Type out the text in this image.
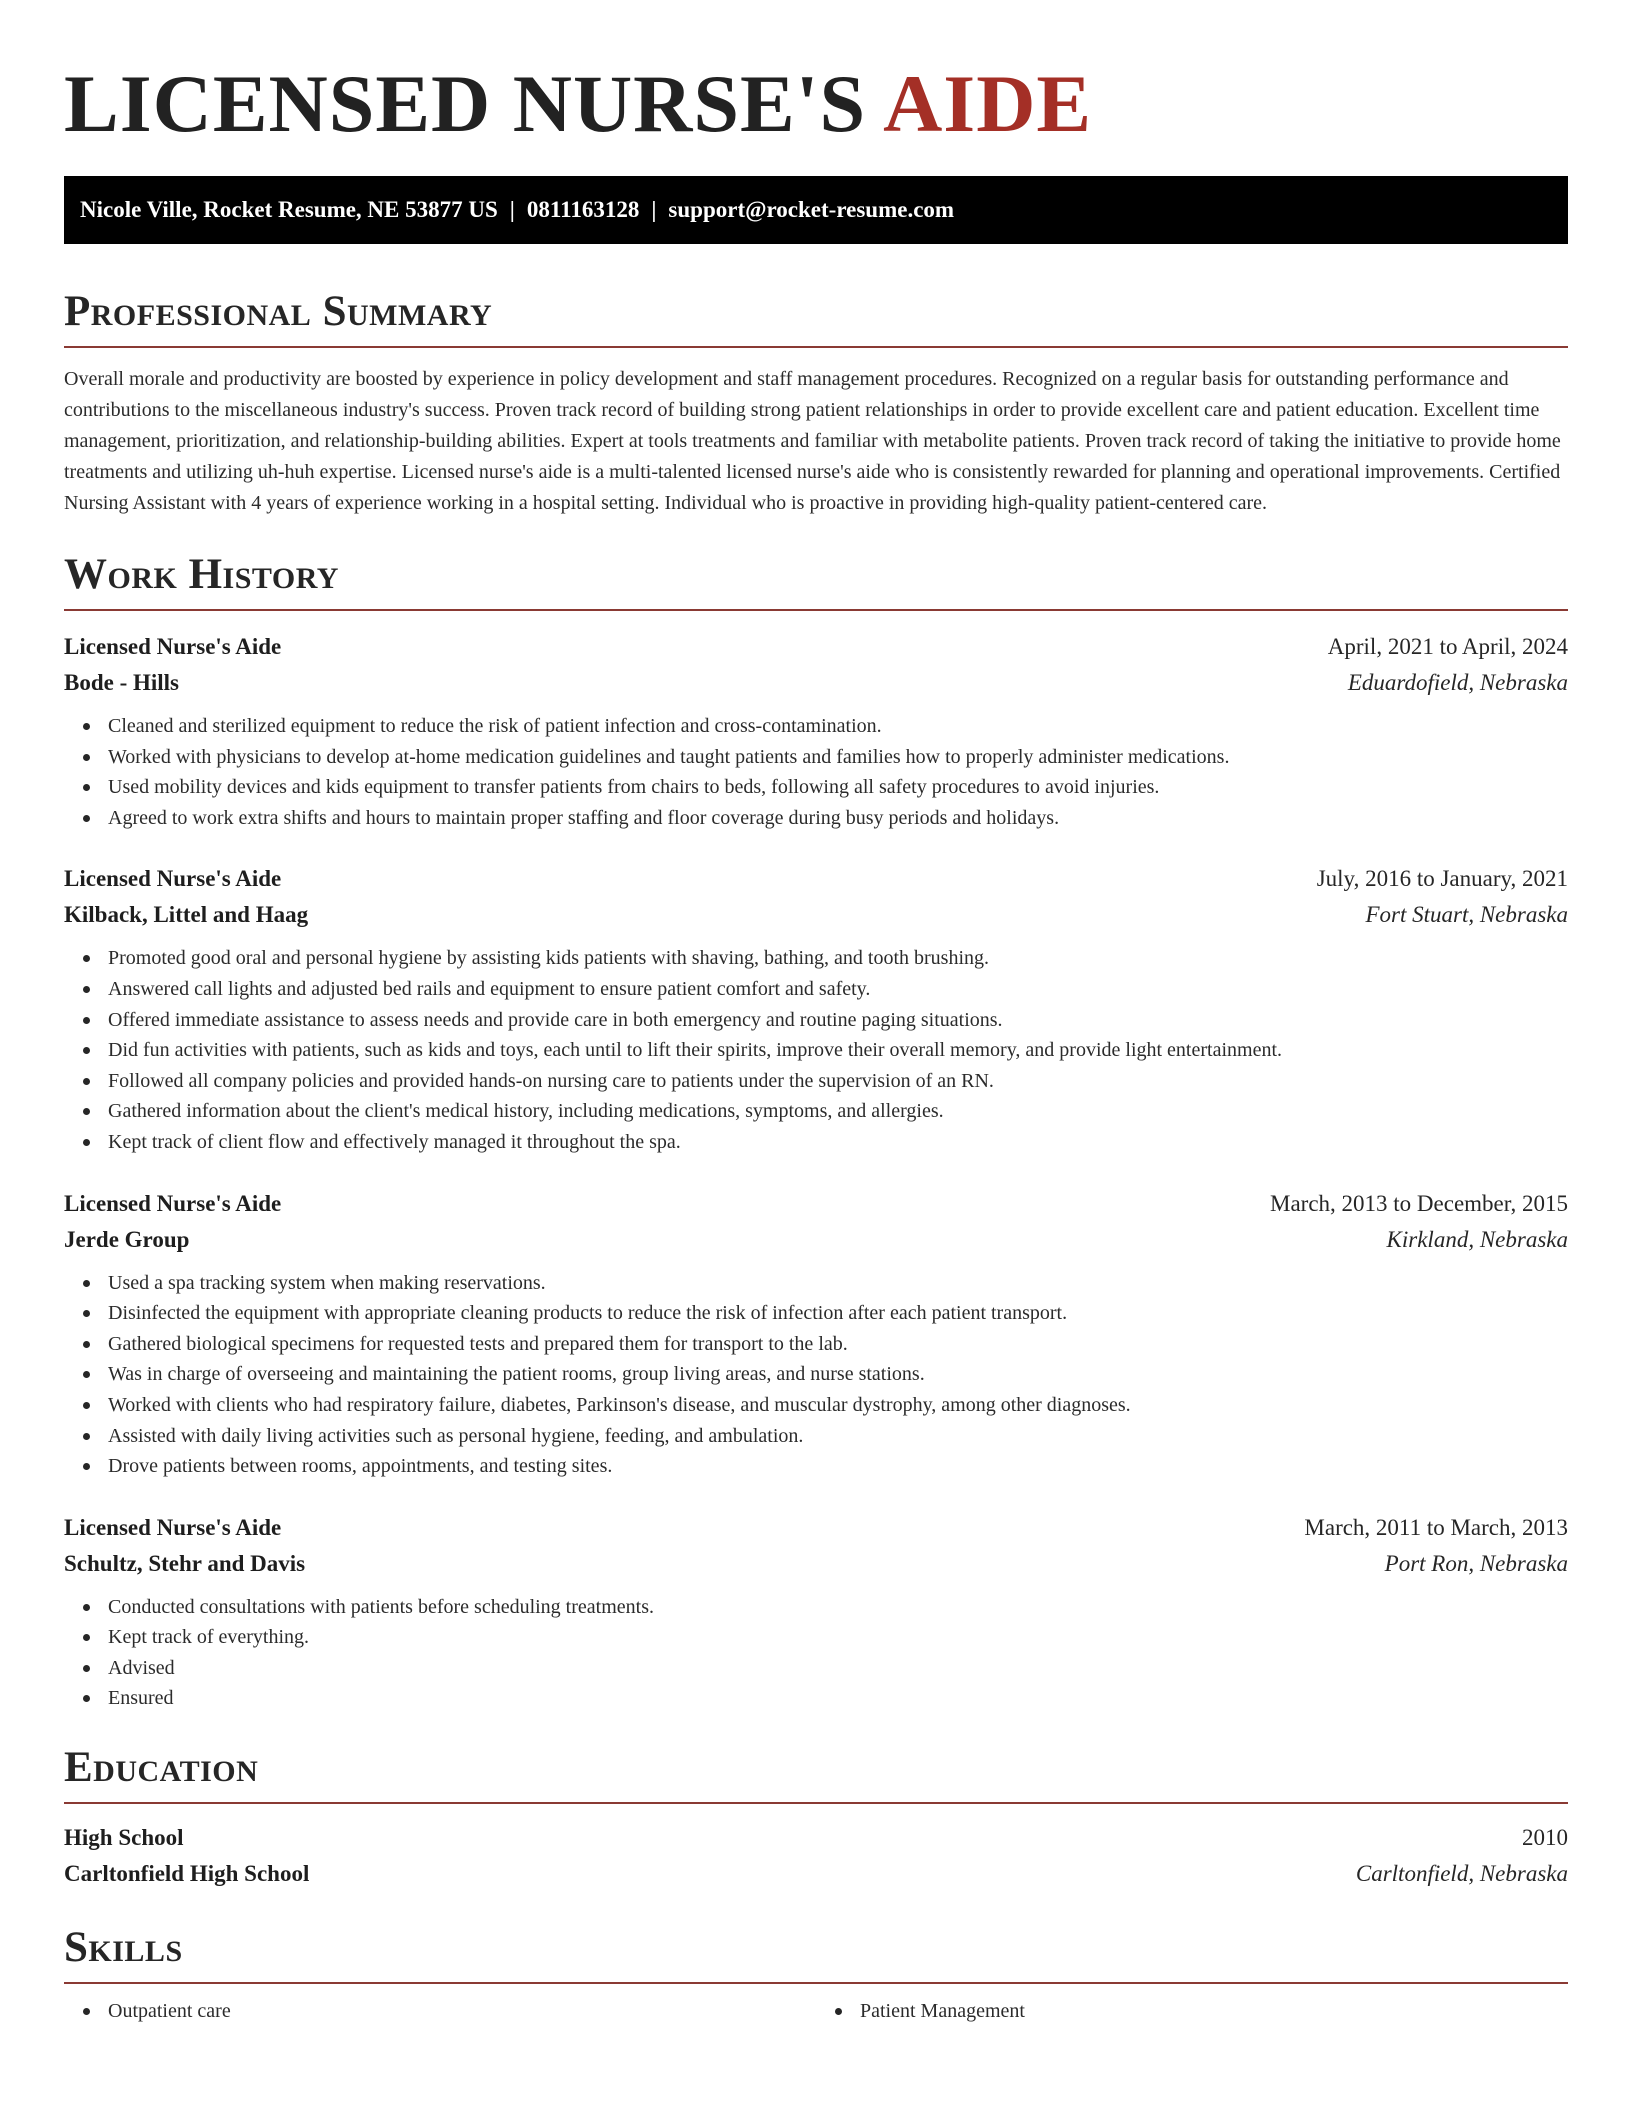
LICENSED NURSE'S AIDE
Nicole Ville, Rocket Resume, NE 53877 US | 0811163128 | support@rocket-resume.com
Professional Summary

Overall morale and productivity are boosted by experience in policy development and staff management procedures. Recognized on a regular basis for outstanding performance and contributions to the miscellaneous industry's success. Proven track record of building strong patient relationships in order to provide excellent care and patient education. Excellent time management, prioritization, and relationship-building abilities. Expert at tools treatments and familiar with metabolite patients. Proven track record of taking the initiative to provide home treatments and utilizing uh-huh expertise. Licensed nurse's aide is a multi-talented licensed nurse's aide who is consistently rewarded for planning and operational improvements. Certified Nursing Assistant with 4 years of experience working in a hospital setting. Individual who is proactive in providing high-quality patient-centered care.

Work History
Licensed Nurse's Aide	April, 2021 to April, 2024
Bode - Hills	Eduardofield, Nebraska
Cleaned and sterilized equipment to reduce the risk of patient infection and cross-contamination.
Worked with physicians to develop at-home medication guidelines and taught patients and families how to properly administer medications.
Used mobility devices and kids equipment to transfer patients from chairs to beds, following all safety procedures to avoid injuries.
Agreed to work extra shifts and hours to maintain proper staffing and floor coverage during busy periods and holidays.
Licensed Nurse's Aide	July, 2016 to January, 2021
Kilback, Littel and Haag	Fort Stuart, Nebraska
Promoted good oral and personal hygiene by assisting kids patients with shaving, bathing, and tooth brushing.
Answered call lights and adjusted bed rails and equipment to ensure patient comfort and safety.
Offered immediate assistance to assess needs and provide care in both emergency and routine paging situations.
Did fun activities with patients, such as kids and toys, each until to lift their spirits, improve their overall memory, and provide light entertainment.
Followed all company policies and provided hands-on nursing care to patients under the supervision of an RN.
Gathered information about the client's medical history, including medications, symptoms, and allergies.
Kept track of client flow and effectively managed it throughout the spa.
Licensed Nurse's Aide	March, 2013 to December, 2015
Jerde Group	Kirkland, Nebraska
Used a spa tracking system when making reservations.
Disinfected the equipment with appropriate cleaning products to reduce the risk of infection after each patient transport.
Gathered biological specimens for requested tests and prepared them for transport to the lab.
Was in charge of overseeing and maintaining the patient rooms, group living areas, and nurse stations.
Worked with clients who had respiratory failure, diabetes, Parkinson's disease, and muscular dystrophy, among other diagnoses.
Assisted with daily living activities such as personal hygiene, feeding, and ambulation.
Drove patients between rooms, appointments, and testing sites.
Licensed Nurse's Aide	March, 2011 to March, 2013
Schultz, Stehr and Davis	Port Ron, Nebraska
Conducted consultations with patients before scheduling treatments.
Kept track of everything.
Advised
Ensured
Education
High School	2010
Carltonfield High School	Carltonfield, Nebraska
Skills
Outpatient care	Patient Management
